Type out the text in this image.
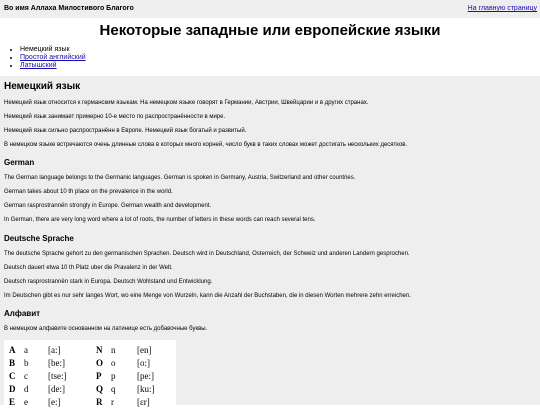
Во имя Аллаха Милостивого Благого	На главную страницу
Некоторые западные или европейские языки
• Немецкий язык
• Простой английский
• Латышский
Немецкий язык

Немецкий язык относится к германским языкам. На немецком языке говорят в Германии, Австрии, Швейцарии и в других странах.

Немецкий язык занимает примерно 10-е место по распространённости в мире.

Немецкий язык сильно распространённ в Европе. Немецкий язык богатый и развитый.

В немецком языке встречаются очень длинные слова в которых много корней, число букв в таких словах может достигать нескольких десятков.

German

The German language belongs to the Germanic languages. German is spoken in Germany, Austria, Switzerland and other countries.

German takes about 10 th place on the prevalence in the world.

German rasprostrannën strongly in Europe. German wealth and development.

In German, there are very long word where a lot of roots, the number of letters in these words can reach several tens.

Deutsche Sprache

The deutsche Sprache gehort zu den germanischen Sprachen. Deutsch wird in Deutschland, Osterreich, der Schweiz und anderen Landern gesprochen.

Deutsch dauert etwa 10 th Platz uber die Pravalenz in der Welt.

Deutsch rasprostrannën stark in Europa. Deutsch Wohlstand und Entwicklung.

Im Deutschen gibt es nur sehr langes Wort, wo eine Menge von Wurzeln, kann die Anzahl der Buchstaben, die in diesen Worten mehrere zehn erreichen.

Алфавит

В немецком алфавите основанном на латинице есть добавочные буквы.

A a [a:]	N n [en]
B b [be:]	O o [o:]
C c [tse:]	P p [pe:]
D d [de:]	Q q [ku:]
E e [e:]	R r	[ɛr]
